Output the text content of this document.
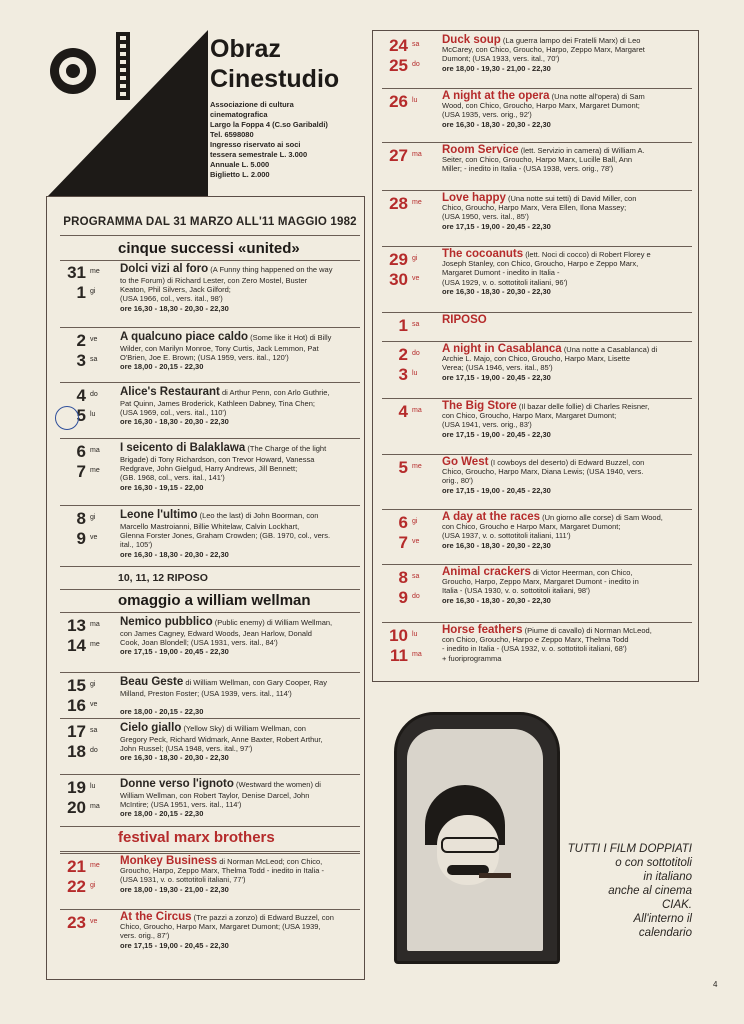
Obraz
Cinestudio
Associazione di cultura
cinematografica
Largo la Foppa 4 (C.so Garibaldi)
Tel. 6598080
Ingresso riservato ai soci
tessera semestrale L. 3.000
Annuale L. 5.000
Biglietto L. 2.000
PROGRAMMA DAL 31 MARZO ALL'11 MAGGIO 1982
cinque successi «united»
31 me
1 gi
Dolci vizi al foro (A Funny thing happened on the way
to the Forum) di Richard Lester, con Zero Mostel, Buster
Keaton, Phil Silvers, Jack Gilford;
(USA 1966, col., vers. ital., 98')
ore 16,30 - 18,30 - 20,30 - 22,30
2 ve
3 sa
A qualcuno piace caldo (Some like it Hot) di Billy
Wilder, con Marilyn Monroe, Tony Curtis, Jack Lemmon, Pat
O'Brien, Joe E. Brown; (USA 1959, vers. ital., 120')

ore 18,00 - 20,15 - 22,30
4 do
5 lu
Alice's Restaurant di Arthur Penn, con Arlo Guthrie,
Pat Quinn, James Broderick, Kathleen Dabney, Tina Chen;
(USA 1969, col., vers. ital., 110')

ore 16,30 - 18,30 - 20,30 - 22,30
6 ma
7 me
I seicento di Balaklawa (The Charge of the light
Brigade) di Tony Richardson, con Trevor Howard, Vanessa
Redgrave, John Gielgud, Harry Andrews, Jill Bennett;
(GB. 1968, col., vers. ital., 141')
ore 16,30 - 19,15 - 22,00
8 gi
9 ve
Leone l'ultimo (Leo the last) di John Boorman, con
Marcello Mastroianni, Billie Whitelaw, Calvin Lockhart,
Glenna Forster Jones, Graham Crowden; (GB. 1970, col., vers.
ital., 105')
ore 16,30 - 18,30 - 20,30 - 22,30
13 ma
14 me
Nemico pubblico (Public enemy) di William Wellman,
con James Cagney, Edward Woods, Jean Harlow, Donald
Cook, Joan Blondell; (USA 1931, vers. ital., 84')

ore 17,15 - 19,00 - 20,45 - 22,30
15 gi
16 ve
Beau Geste di William Wellman, con Gary Cooper, Ray
Milland, Preston Foster; (USA 1939, vers. ital., 114')

ore 18,00 - 20,15 - 22,30
17 sa
18 do
Cielo giallo (Yellow Sky) di William Wellman, con
Gregory Peck, Richard Widmark, Anne Baxter, Robert Arthur,
John Russel; (USA 1948, vers. ital., 97')

ore 16,30 - 18,30 - 20,30 - 22,30
19 lu
20 ma
Donne verso l'ignoto (Westward the women) di
William Wellman, con Robert Taylor, Denise Darcel, John
McIntire; (USA 1951, vers. ital., 114')

ore 18,00 - 20,15 - 22,30
21 me
22 gi
Monkey Business di Norman McLeod; con Chico,
Groucho, Harpo, Zeppo Marx, Thelma Todd - inedito in Italia -
(USA 1931, v. o. sottotitoli italiani, 77')

ore 18,00 - 19,30 - 21,00 - 22,30
23 ve At the Circus (Tre pazzi a zonzo) di Edward Buzzel, con
Chico, Groucho, Harpo Marx, Margaret Dumont; (USA 1939,
vers. orig., 87')

ore 17,15 - 19,00 - 20,45 - 22,30
10, 11, 12 RIPOSO
omaggio a william wellman
festival marx brothers
24 sa
25 do
Duck soup (La guerra lampo dei Fratelli Marx) di Leo
McCarey, con Chico, Groucho, Harpo, Zeppo Marx, Margaret
Dumont; (USA 1933, vers. ital., 70')

ore 18,00 - 19,30 - 21,00 - 22,30
26 lu A night at the opera (Una notte all'opera) di Sam
Wood, con Chico, Groucho, Harpo Marx, Margaret Dumont;
(USA 1935, vers. orig., 92')

ore 16,30 - 18,30 - 20,30 - 22,30
27 ma Room Service (lett. Servizio in camera) di William A.
Seiter, con Chico, Groucho, Harpo Marx, Lucille Ball, Ann
Miller; - inedito in Italia - (USA 1938, vers. orig., 78')

28 me Love happy (Una notte sui tetti) di David Miller, con
Chico, Groucho, Harpo Marx, Vera Ellen, Ilona Massey;
(USA 1950, vers. ital., 85')

ore 17,15 - 19,00 - 20,45 - 22,30
29 gi
30 ve
The cocoanuts (lett. Noci di cocco) di Robert Florey e
Joseph Stanley, con Chico, Groucho, Harpo e Zeppo Marx,
Margaret Dumont - inedito in Italia -
(USA 1929, v. o. sottotitoli italiani, 96')
ore 16,30 - 18,30 - 20,30 - 22,30
1 sa RIPOSO

2 do
3 lu
A night in Casablanca (Una notte a Casablanca) di
Archie L. Majo, con Chico, Groucho, Harpo Marx, Lisette
Verea; (USA 1946, vers. ital., 85')

ore 17,15 - 19,00 - 20,45 - 22,30
4 ma The Big Store (Il bazar delle follie) di Charles Reisner,
con Chico, Groucho, Harpo Marx, Margaret Dumont;
(USA 1941, vers. orig., 83')

ore 17,15 - 19,00 - 20,45 - 22,30
5 me Go West (I cowboys del deserto) di Edward Buzzel, con
Chico, Groucho, Harpo Marx, Diana Lewis; (USA 1940, vers.
orig., 80')

ore 17,15 - 19,00 - 20,45 - 22,30
6 gi
7 ve
A day at the races (Un giorno alle corse) di Sam Wood,
con Chico, Groucho e Harpo Marx, Margaret Dumont;
(USA 1937, v. o. sottotitoli italiani, 111')

ore 16,30 - 18,30 - 20,30 - 22,30
8 sa
9 do
Animal crackers di Victor Heerman, con Chico,
Groucho, Harpo, Zeppo Marx, Margaret Dumont - inedito in
Italia - (USA 1930, v. o. sottotitoli italiani, 98')

ore 16,30 - 18,30 - 20,30 - 22,30
10 lu
11 ma
Horse feathers (Piume di cavallo) di Norman McLeod,
con Chico, Groucho, Harpo e Zeppo Marx, Thelma Todd
- inedito in Italia - (USA 1932, v. o. sottotitoli italiani, 68')
+ fuoriprogramma
TUTTI I FILM DOPPIATI
o con sottotitoli
in italiano
anche al cinema
CIAK.
All'interno il
calendario
4
